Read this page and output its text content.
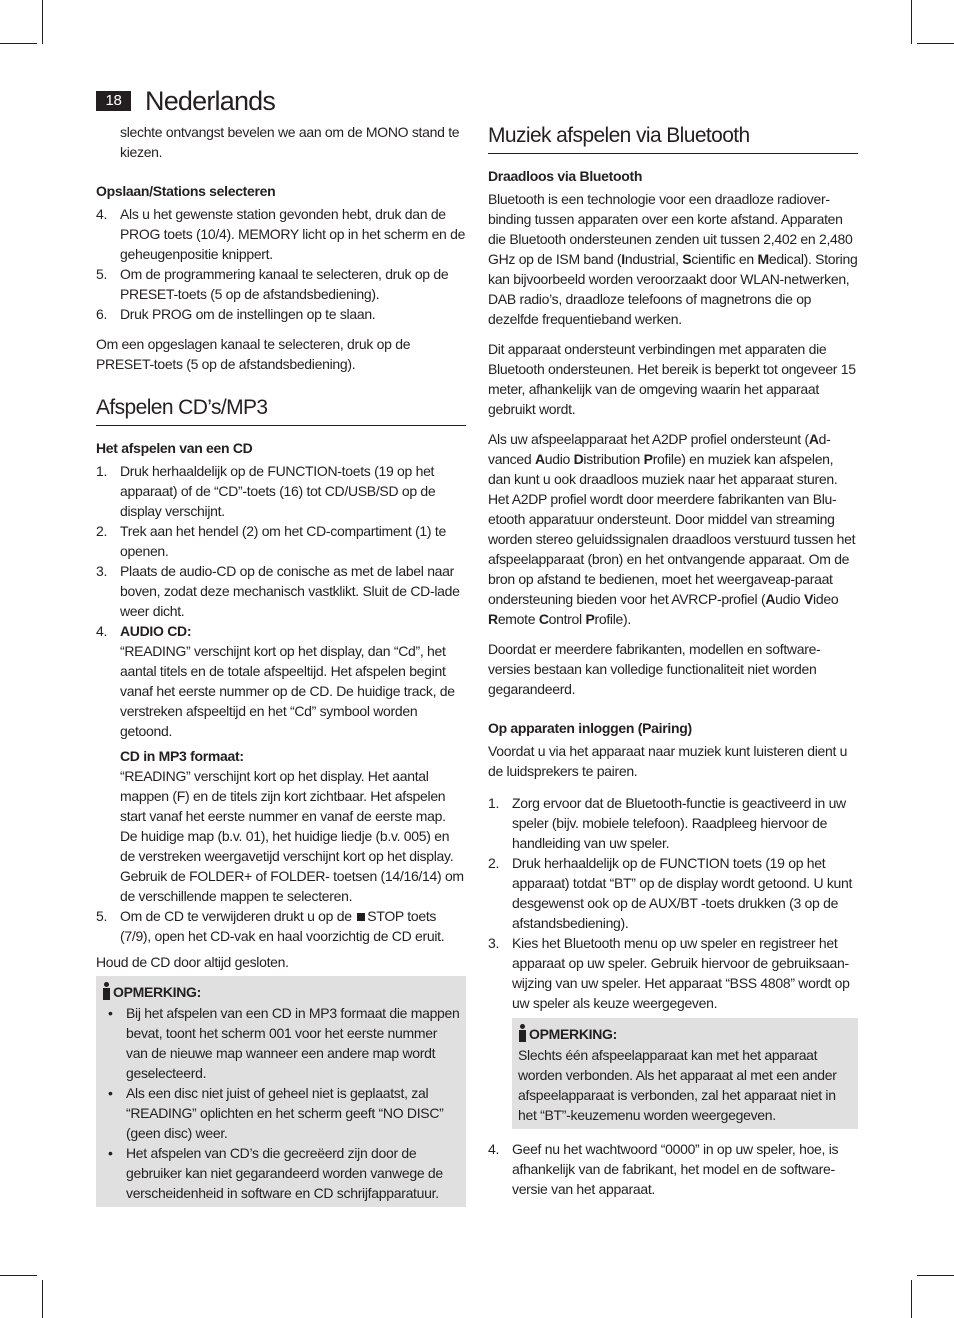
18 Nederlands

slechte ontvangst bevelen we aan om de MONO stand te kiezen.

Opslaan/Stations selecteren
4. Als u het gewenste station gevonden hebt, druk dan de PROG toets (10/4). MEMORY licht op in het scherm en de geheugenpositie knippert.
5. Om de programmering kanaal te selecteren, druk op de PRESET-toets (5 op de afstandsbediening).
6. Druk PROG om de instellingen op te slaan.

Om een opgeslagen kanaal te selecteren, druk op de PRESET-toets (5 op de afstandsbediening).

Afspelen CD’s/MP3
Het afspelen van een CD
1. Druk herhaaldelijk op de FUNCTION-toets (19 op het apparaat) of de “CD”-toets (16) tot CD/USB/SD op de display verschijnt.
2. Trek aan het hendel (2) om het CD-compartiment (1) te openen.
3. Plaats de audio-CD op de conische as met de label naar boven, zodat deze mechanisch vastklikt. Sluit de CD-lade weer dicht.
4. AUDIO CD:
“READING” verschijnt kort op het display, dan “Cd”, het aantal titels en de totale afspeeltijd. Het afspelen begint vanaf het eerste nummer op de CD. De huidige track, de verstreken afspeeltijd en het “Cd” symbool worden getoond.
CD in MP3 formaat:
“READING” verschijnt kort op het display. Het aantal mappen (F) en de titels zijn kort zichtbaar. Het afspelen start vanaf het eerste nummer en vanaf de eerste map. De huidige map (b.v. 01), het huidige liedje (b.v. 005) en de verstreken weergavetijd verschijnt kort op het display. Gebruik de FOLDER+ of FOLDER- toetsen (14/16/14) om de verschillende mappen te selecteren.
5. Om de CD te verwijderen drukt u op de STOP toets (7/9), open het CD-vak en haal voorzichtig de CD eruit.

Houd de CD door altijd gesloten.

OPMERKING:
• Bij het afspelen van een CD in MP3 formaat die mappen bevat, toont het scherm 001 voor het eerste nummer van de nieuwe map wanneer een andere map wordt geselecteerd.
• Als een disc niet juist of geheel niet is geplaatst, zal “READING” oplichten en het scherm geeft “NO DISC” (geen disc) weer.
• Het afspelen van CD’s die gecreëerd zijn door de gebruiker kan niet gegarandeerd worden vanwege de verscheidenheid in software en CD schrijfapparatuur.
Muziek afspelen via Bluetooth
Draadloos via Bluetooth

Bluetooth is een technologie voor een draadloze radiover-binding tussen apparaten over een korte afstand. Apparaten die Bluetooth ondersteunen zenden uit tussen 2,402 en 2,480 GHz op de ISM band (Industrial, Scientific en Medical). Storing kan bijvoorbeeld worden veroorzaakt door WLAN-netwerken, DAB radio’s, draadloze telefoons of magnetrons die op dezelfde frequentieband werken.

Dit apparaat ondersteunt verbindingen met apparaten die Bluetooth ondersteunen. Het bereik is beperkt tot ongeveer 15 meter, afhankelijk van de omgeving waarin het apparaat gebruikt wordt.

Als uw afspeelapparaat het A2DP profiel ondersteunt (Ad-vanced Audio Distribution Profile) en muziek kan afspelen, dan kunt u ook draadloos muziek naar het apparaat sturen. Het A2DP profiel wordt door meerdere fabrikanten van Blu-etooth apparatuur ondersteunt. Door middel van streaming worden stereo geluidssignalen draadloos verstuurd tussen het afspeelapparaat (bron) en het ontvangende apparaat. Om de bron op afstand te bedienen, moet het weergaveap-paraat ondersteuning bieden voor het AVRCP-profiel (Audio Video Remote Control Profile).

Doordat er meerdere fabrikanten, modellen en software-versies bestaan kan volledige functionaliteit niet worden gegarandeerd.

Op apparaten inloggen (Pairing)

Voordat u via het apparaat naar muziek kunt luisteren dient u de luidsprekers te pairen.

1. Zorg ervoor dat de Bluetooth-functie is geactiveerd in uw speler (bijv. mobiele telefoon). Raadpleeg hiervoor de handleiding van uw speler.
2. Druk herhaaldelijk op de FUNCTION toets (19 op het apparaat) totdat “BT” op de display wordt getoond. U kunt desgewenst ook op de AUX/BT -toets drukken (3 op de afstandsbediening).
3. Kies het Bluetooth menu op uw speler en registreer het apparaat op uw speler. Gebruik hiervoor de gebruiksaan-wijzing van uw speler. Het apparaat “BSS 4808” wordt op uw speler als keuze weergegeven.
OPMERKING:
Slechts één afspeelapparaat kan met het apparaat worden verbonden. Als het apparaat al met een ander afspeelapparaat is verbonden, zal het apparaat niet in het “BT”-keuzemenu worden weergegeven.
4. Geef nu het wachtwoord “0000” in op uw speler, hoe, is afhankelijk van de fabrikant, het model en de software-versie van het apparaat.
